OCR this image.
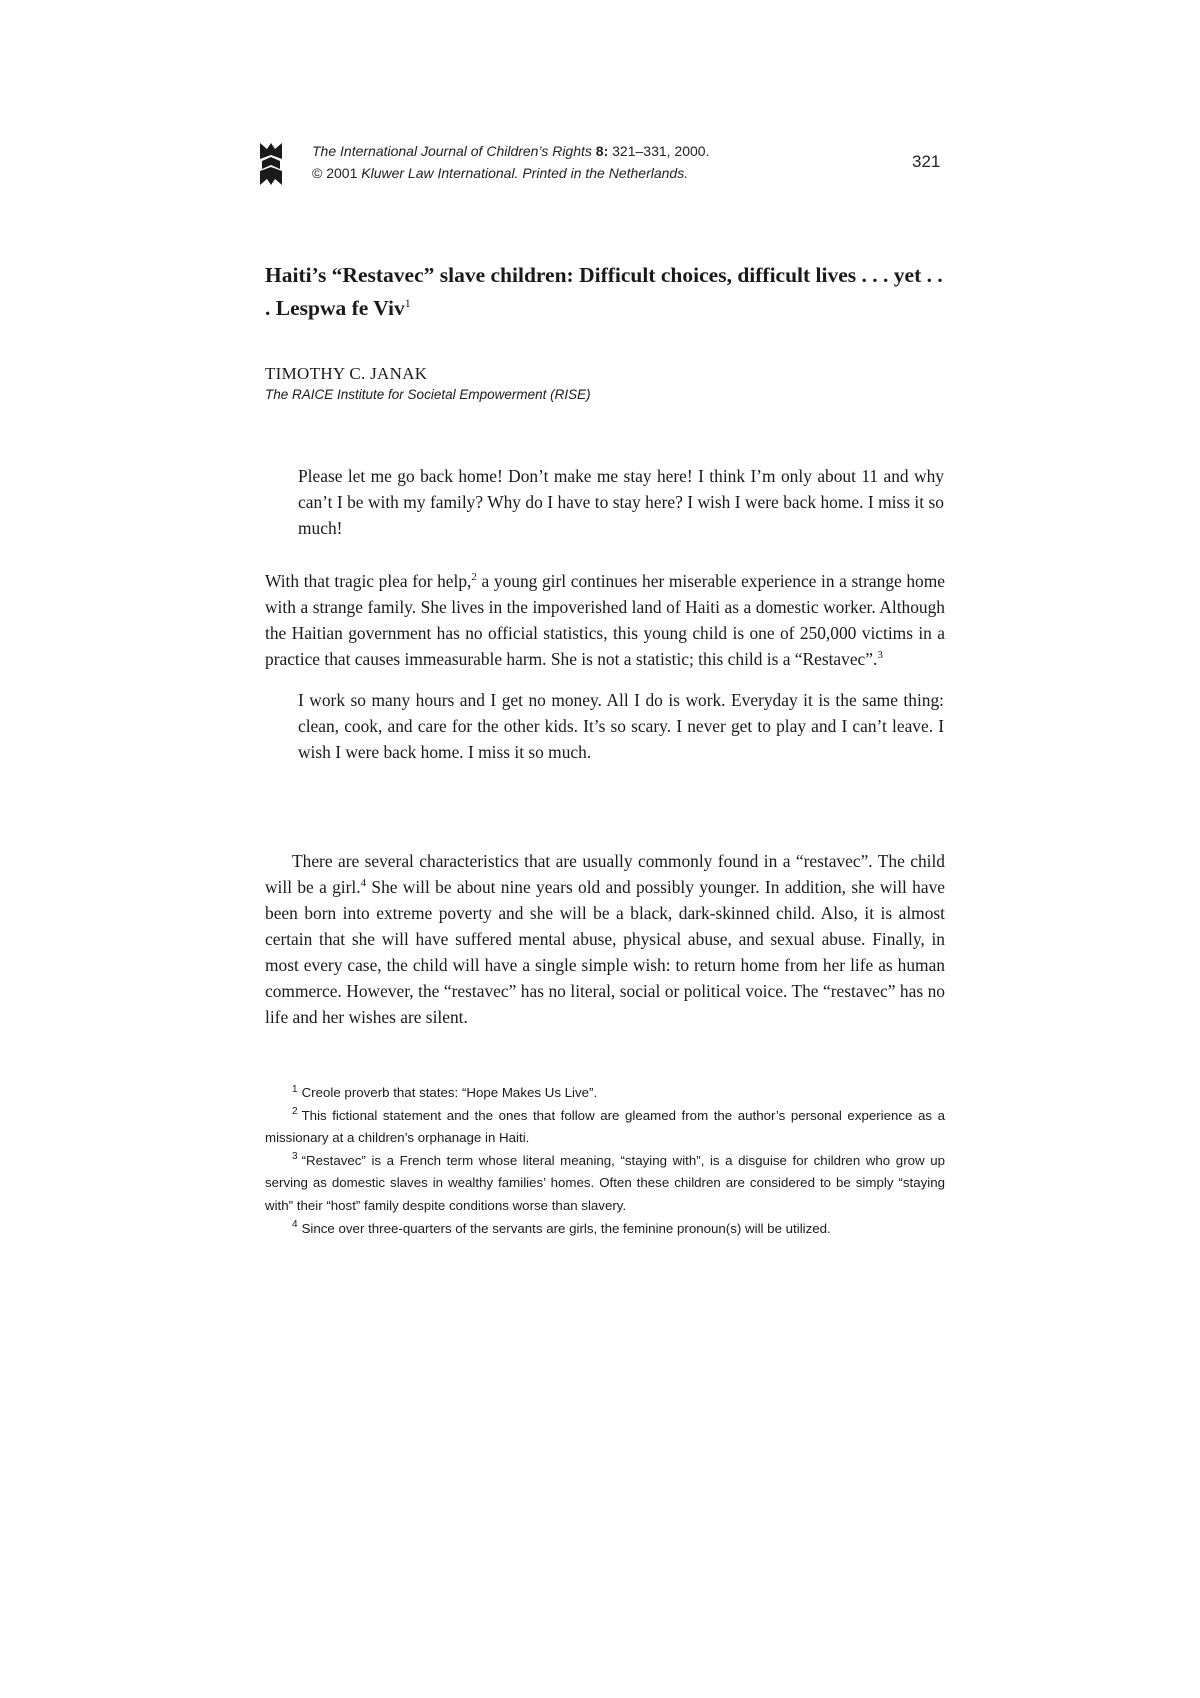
The International Journal of Children’s Rights 8: 321–331, 2000.
© 2001 Kluwer Law International. Printed in the Netherlands.
321
Haiti’s “Restavec” slave children: Difficult choices, difficult lives . . . yet . . . Lespwa fe Viv$^1$
TIMOTHY C. JANAK
The RAICE Institute for Societal Empowerment (RISE)

Please let me go back home! Don’t make me stay here! I think I’m only about 11 and why can’t I be with my family? Why do I have to stay here? I wish I were back home. I miss it so much!

With that tragic plea for help,$^2$ a young girl continues her miserable experience in a strange home with a strange family. She lives in the impoverished land of Haiti as a domestic worker. Although the Haitian government has no official statistics, this young child is one of 250,000 victims in a practice that causes immeasurable harm. She is not a statistic; this child is a “Restavec”.$^3$

I work so many hours and I get no money. All I do is work. Everyday it is the same thing: clean, cook, and care for the other kids. It’s so scary. I never get to play and I can’t leave. I wish I were back home. I miss it so much.

There are several characteristics that are usually commonly found in a “restavec”. The child will be a girl.$^4$ She will be about nine years old and possibly younger. In addition, she will have been born into extreme poverty and she will be a black, dark-skinned child. Also, it is almost certain that she will have suffered mental abuse, physical abuse, and sexual abuse. Finally, in most every case, the child will have a single simple wish: to return home from her life as human commerce. However, the “restavec” has no literal, social or political voice. The “restavec” has no life and her wishes are silent.

$^1$ Creole proverb that states: “Hope Makes Us Live”.

$^2$ This fictional statement and the ones that follow are gleamed from the author’s personal experience as a missionary at a children’s orphanage in Haiti.

$^3$ “Restavec” is a French term whose literal meaning, “staying with”, is a disguise for children who grow up serving as domestic slaves in wealthy families’ homes. Often these children are considered to be simply “staying with” their “host” family despite conditions worse than slavery.

$^4$ Since over three-quarters of the servants are girls, the feminine pronoun(s) will be utilized.
